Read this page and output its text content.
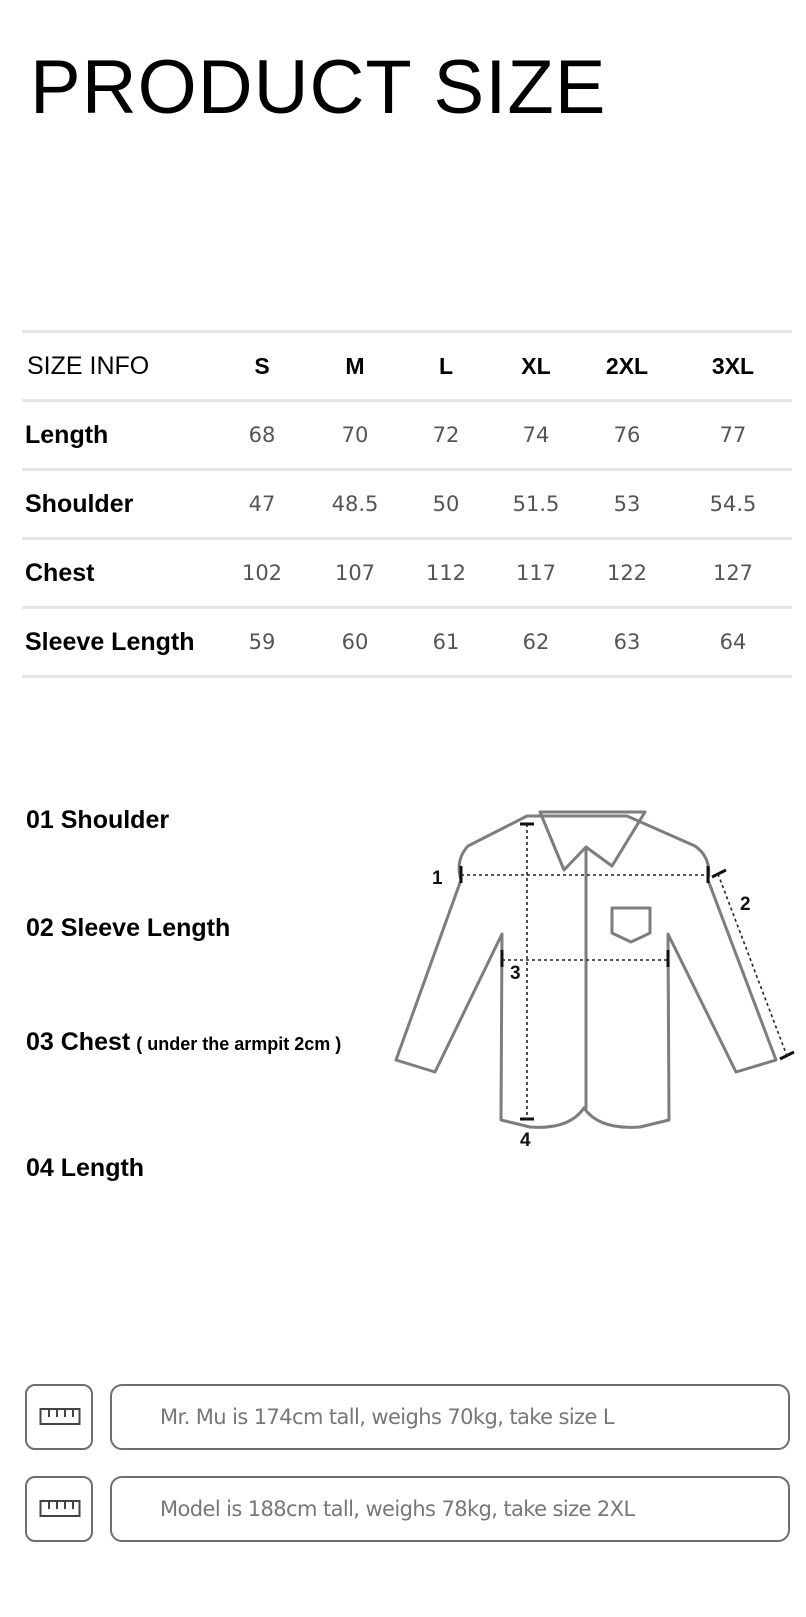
PRODUCT SIZE
SIZE INFO	S	M	L	XL	2XL	3XL
Length	68	70	72	74	76	77
Shoulder	47	48.5	50	51.5	53	54.5
Chest	102	107	112	117	122	127
Sleeve Length	59	60	61	62	63	64
01 Shoulder
02 Sleeve Length
03 Chest ( under the armpit 2cm )
04 Length
1
2
3
4
Mr. Mu is 174cm tall, weighs 70kg, take size L
Model is 188cm tall, weighs 78kg, take size 2XL
